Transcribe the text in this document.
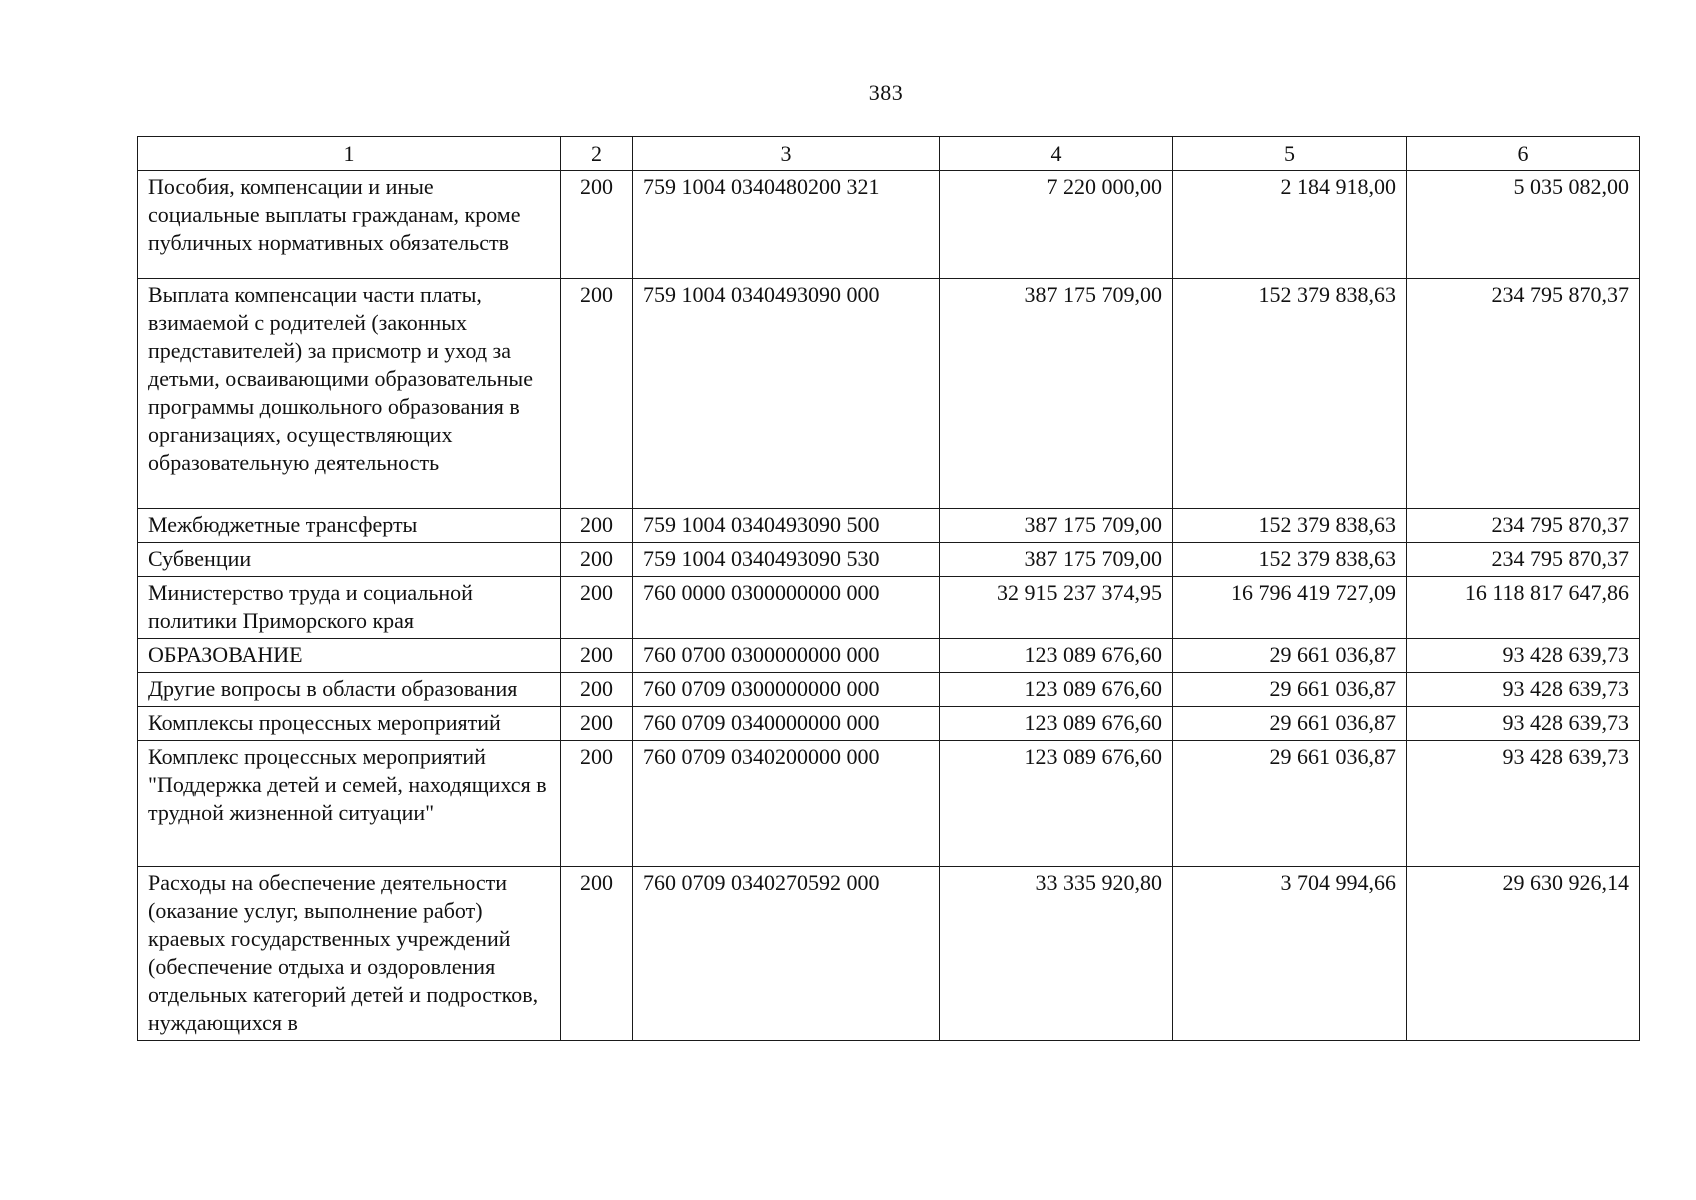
383
1	2	3	4	5	6
Пособия, компенсации и иные социальные выплаты гражданам, кроме публичных нормативных обязательств	200	759 1004 0340480200 321	7 220 000,00	2 184 918,00	5 035 082,00
Выплата компенсации части платы, взимаемой с родителей (законных представителей) за присмотр и уход за детьми, осваивающими образовательные программы дошкольного образования в организациях, осуществляющих образовательную деятельность	200	759 1004 0340493090 000	387 175 709,00	152 379 838,63	234 795 870,37
Межбюджетные трансферты	200	759 1004 0340493090 500	387 175 709,00	152 379 838,63	234 795 870,37
Субвенции	200	759 1004 0340493090 530	387 175 709,00	152 379 838,63	234 795 870,37
Министерство труда и социальной политики Приморского края	200	760 0000 0300000000 000	32 915 237 374,95	16 796 419 727,09	16 118 817 647,86
ОБРАЗОВАНИЕ	200	760 0700 0300000000 000	123 089 676,60	29 661 036,87	93 428 639,73
Другие вопросы в области образования	200	760 0709 0300000000 000	123 089 676,60	29 661 036,87	93 428 639,73
Комплексы процессных мероприятий	200	760 0709 0340000000 000	123 089 676,60	29 661 036,87	93 428 639,73
Комплекс процессных мероприятий "Поддержка детей и семей, находящихся в трудной жизненной ситуации"	200	760 0709 0340200000 000	123 089 676,60	29 661 036,87	93 428 639,73
Расходы на обеспечение деятельности (оказание услуг, выполнение работ) краевых государственных учреждений (обеспечение отдыха и оздоровления отдельных категорий детей и подростков, нуждающихся в	200	760 0709 0340270592 000	33 335 920,80	3 704 994,66	29 630 926,14
